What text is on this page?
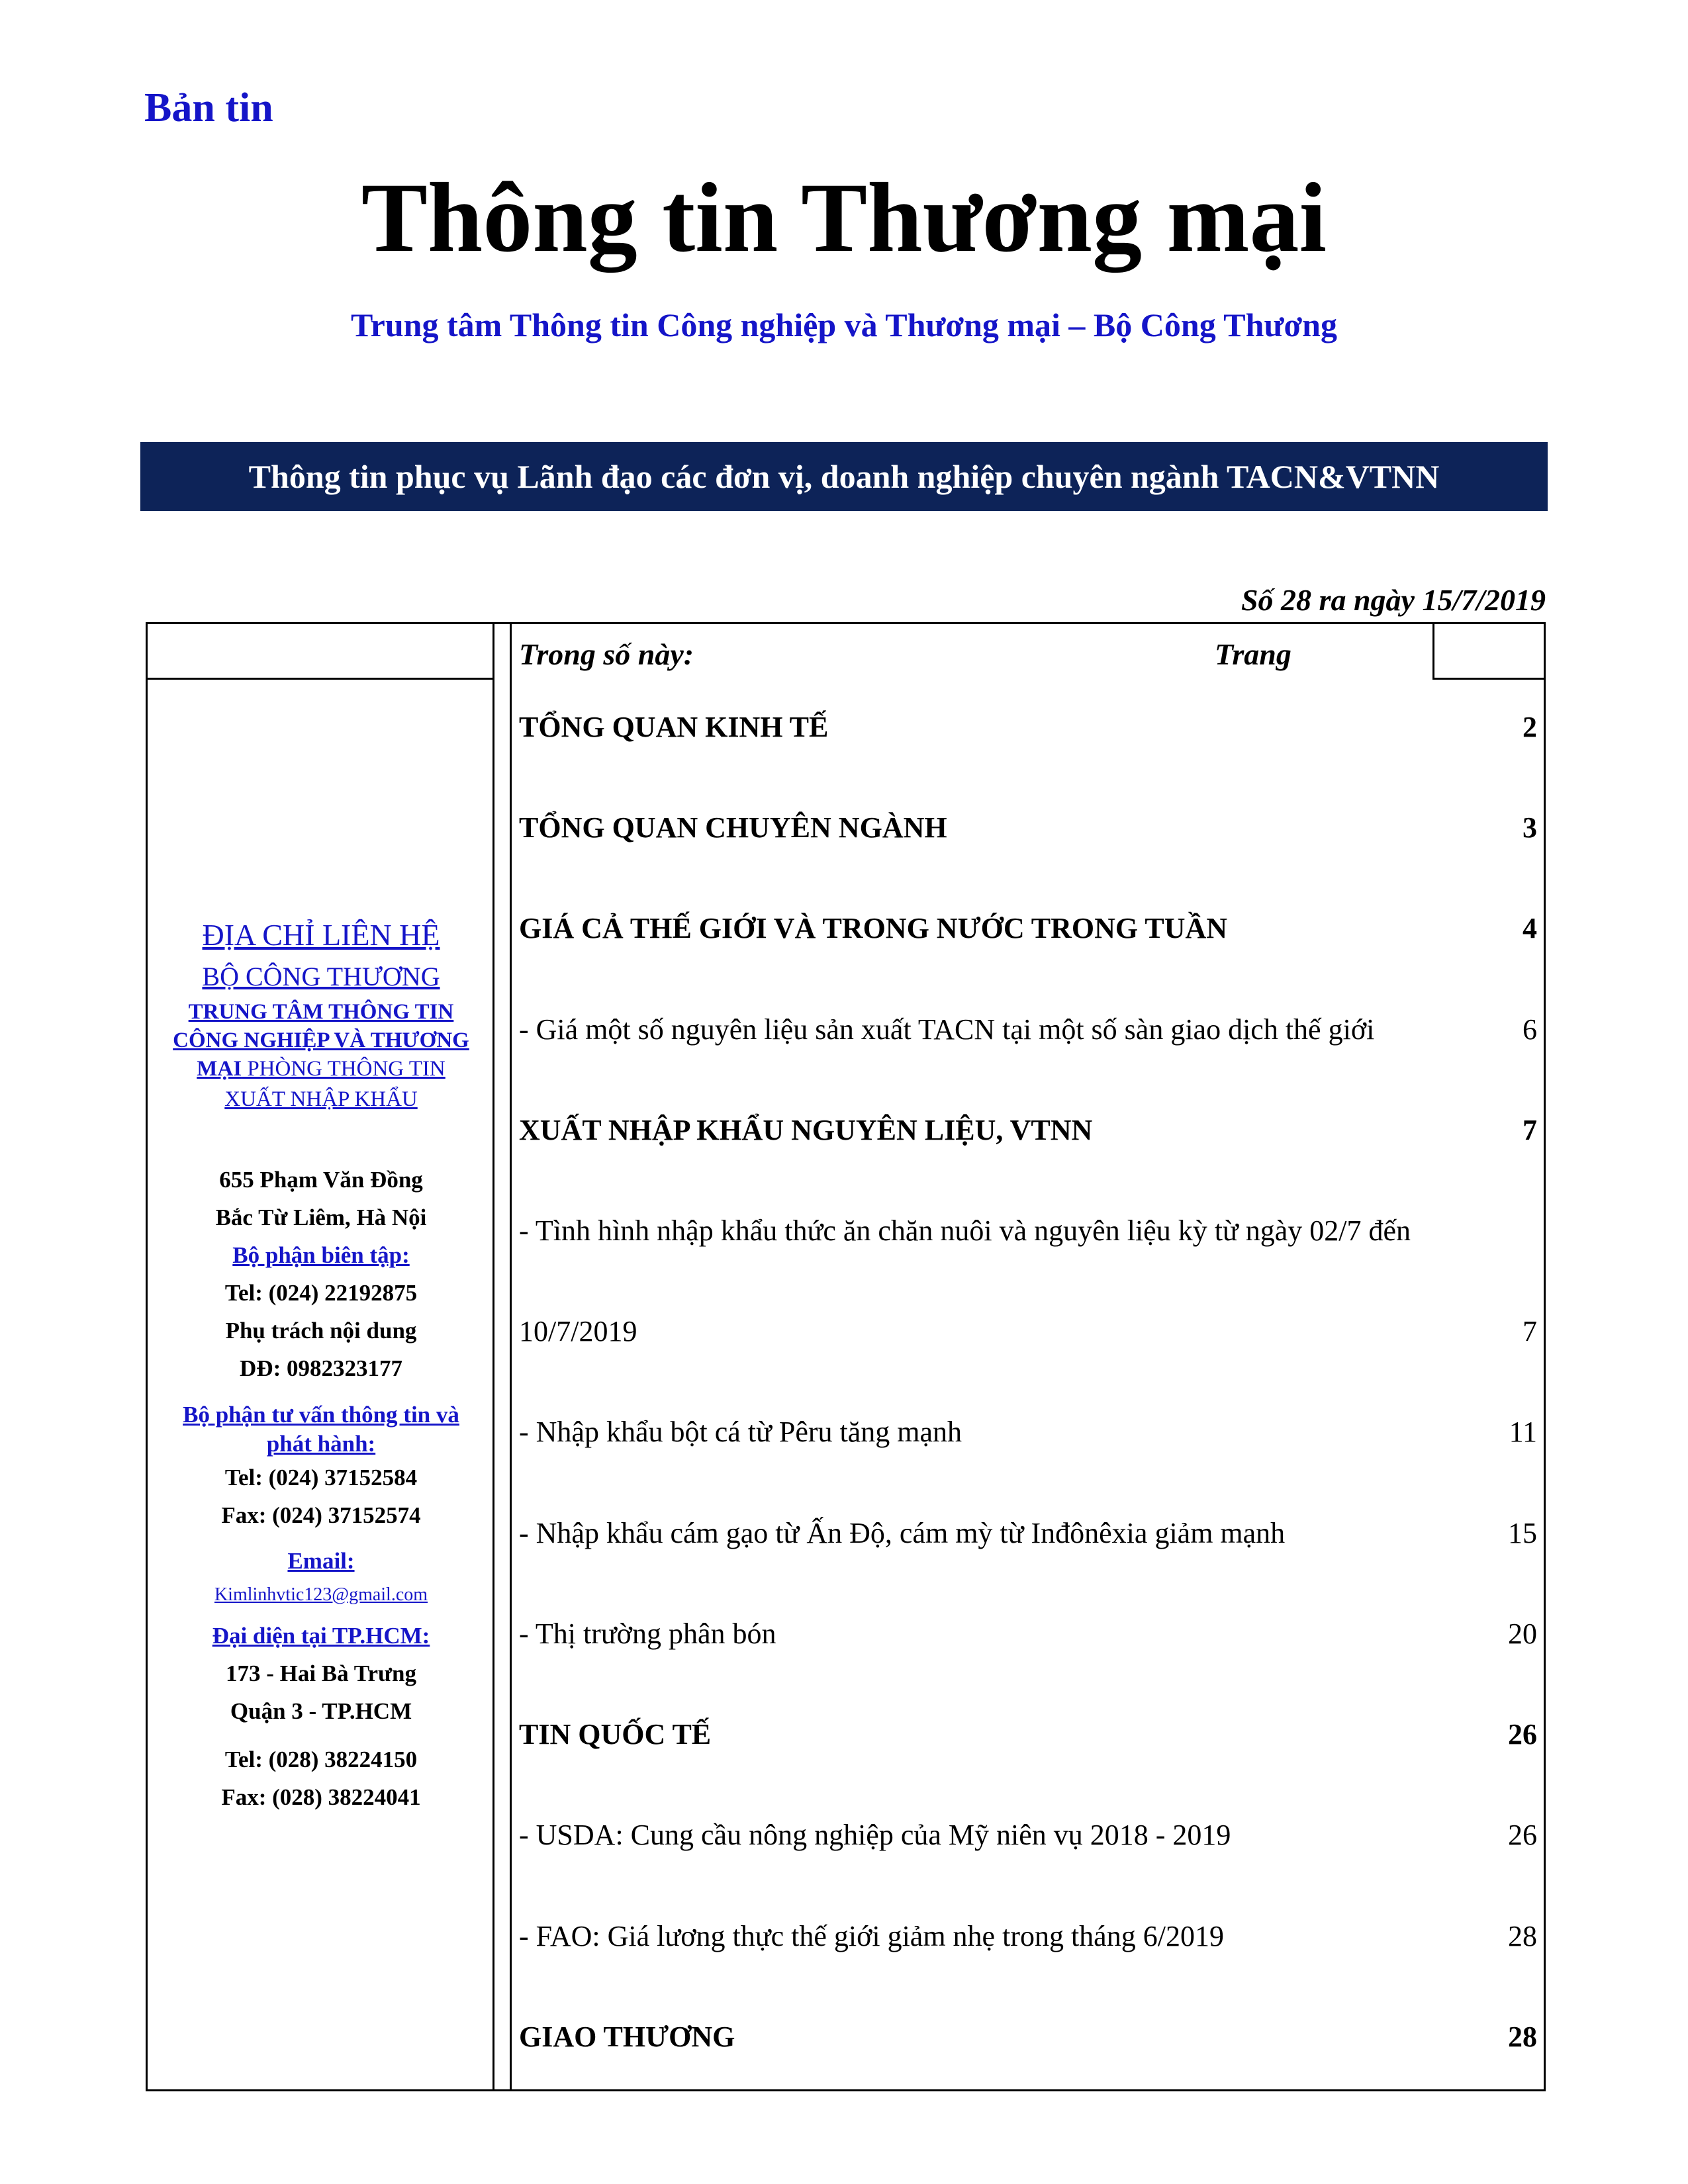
Bản tin
Thông tin Thương mại
Trung tâm Thông tin Công nghiệp và Thương mại – Bộ Công Thương
Thông tin phục vụ Lãnh đạo các đơn vị, doanh nghiệp chuyên ngành TACN&VTNN
Số 28 ra ngày 15/7/2019
Trong số này:	Trang
TỔNG QUAN KINH TẾ	2
TỔNG QUAN CHUYÊN NGÀNH	3
GIÁ CẢ THẾ GIỚI VÀ TRONG NƯỚC TRONG TUẦN	4
- Giá một số nguyên liệu sản xuất TACN tại một số sàn giao dịch thế giới	6
XUẤT NHẬP KHẨU NGUYÊN LIỆU, VTNN	7
- Tình hình nhập khẩu thức ăn chăn nuôi và nguyên liệu kỳ từ ngày 02/7 đến
10/7/2019	7
- Nhập khẩu bột cá từ Pêru tăng mạnh	11
- Nhập khẩu cám gạo từ Ấn Độ, cám mỳ từ Inđônêxia giảm mạnh	15
- Thị trường phân bón	20
TIN QUỐC TẾ	26
- USDA: Cung cầu nông nghiệp của Mỹ niên vụ 2018 - 2019	26
- FAO: Giá lương thực thế giới giảm nhẹ trong tháng 6/2019	28
GIAO THƯƠNG	28
ĐỊA CHỈ LIÊN HỆ
BỘ CÔNG THƯƠNG
TRUNG TÂM THÔNG TIN
CÔNG NGHIỆP VÀ THƯƠNG
MẠI PHÒNG THÔNG TIN
XUẤT NHẬP KHẨU
655 Phạm Văn Đồng
Bắc Từ Liêm, Hà Nội
Bộ phận biên tập:
Tel: (024) 22192875
Phụ trách nội dung
DĐ: 0982323177
Bộ phận tư vấn thông tin và
phát hành:
Tel: (024) 37152584
Fax: (024) 37152574
Email:
Kimlinhvtic123@gmail.com
Đại diện tại TP.HCM:
173 - Hai Bà Trưng
Quận 3 - TP.HCM
Tel: (028) 38224150
Fax: (028) 38224041
